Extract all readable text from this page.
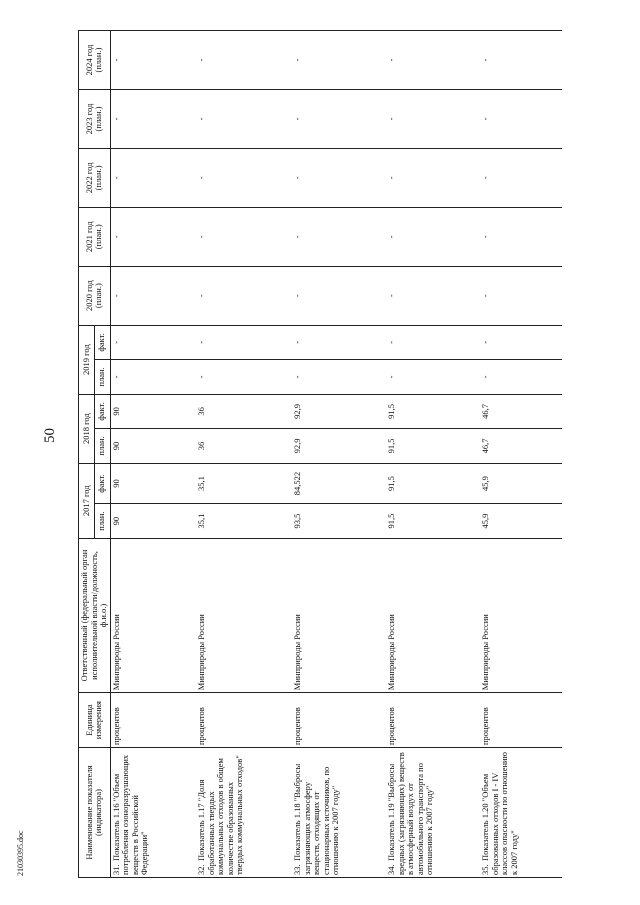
50
Наименование показателя (индикатора)	Единица измерения	Ответственный (федеральный орган исполнительной власти/должность, ф.и.о.)	2017 год		2018 год		2019 год		2020 год (план.)	2021 год (план.)	2022 год (план.)	2023 год (план.)	2024 год (план.)
			план.	факт.	план.	факт.	план.	факт.					
31.Показатель 1.16 "Объем потребления озоноразрушающих веществ в Российской Федерации"	процентов	Минприроды России	90	90	90	90	-	-	-	-	-	-	-
32.Показатель 1.17 "Доля обработанных твердых коммунальных отходов в общем количестве образованных твердых коммунальных отходов"	процентов	Минприроды России	35,1	35,1	36	36	-	-	-	-	-	-	-
33.Показатель 1.18 "Выбросы загрязняющих атмосферу веществ, отходящих от стационарных источников, по отношению к 2007 году"	процентов	Минприроды России	93,5	84,522	92,9	92,9	-	-	-	-	-	-	-
34.Показатель 1.19 "Выбросы вредных (загрязняющих) веществ в атмосферный воздух от автомобильного транспорта по отношению к 2007 году"	процентов	Минприроды России	91,5	91,5	91,5	91,5	-	-	-	-	-	-	-
35.Показатель 1.20 "Объем образованных отходов I - IV классов опасности по отношению к 2007 году"	процентов	Минприроды России	45,9	45,9	46,7	46,7	-	-	-	-	-	-	-
21030395.doc
